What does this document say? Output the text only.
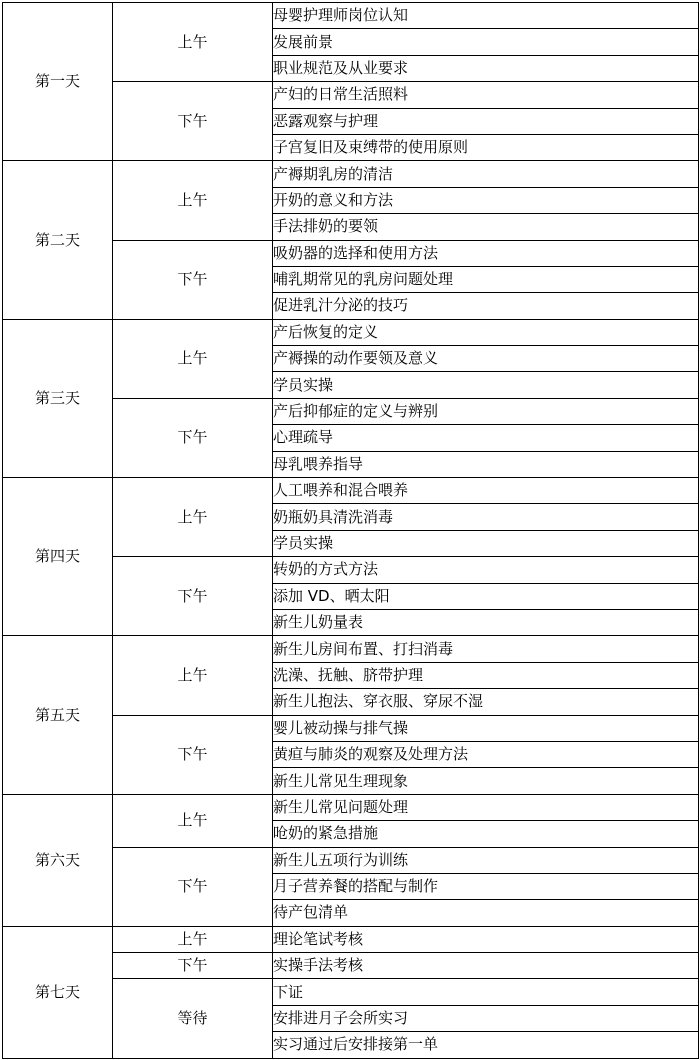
第一天	上午	母婴护理师岗位认知
		发展前景
		职业规范及从业要求
	下午	产妇的日常生活照料
		恶露观察与护理
		子宫复旧及束缚带的使用原则
第二天	上午	产褥期乳房的清洁
		开奶的意义和方法
		手法排奶的要领
	下午	吸奶器的选择和使用方法
		哺乳期常见的乳房问题处理
		促进乳汁分泌的技巧
第三天	上午	产后恢复的定义
		产褥操的动作要领及意义
		学员实操
	下午	产后抑郁症的定义与辨别
		心理疏导
		母乳喂养指导
第四天	上午	人工喂养和混合喂养
		奶瓶奶具清洗消毒
		学员实操
	下午	转奶的方式方法
		添加 VD、晒太阳
		新生儿奶量表
第五天	上午	新生儿房间布置、打扫消毒
		洗澡、抚触、脐带护理
		新生儿抱法、穿衣服、穿尿不湿
	下午	婴儿被动操与排气操
		黄疸与肺炎的观察及处理方法
		新生儿常见生理现象
第六天	上午	新生儿常见问题处理
		呛奶的紧急措施
	下午	新生儿五项行为训练
		月子营养餐的搭配与制作
		待产包清单
第七天	上午	理论笔试考核
	下午	实操手法考核
	等待	下证
		安排进月子会所实习
		实习通过后安排接第一单
